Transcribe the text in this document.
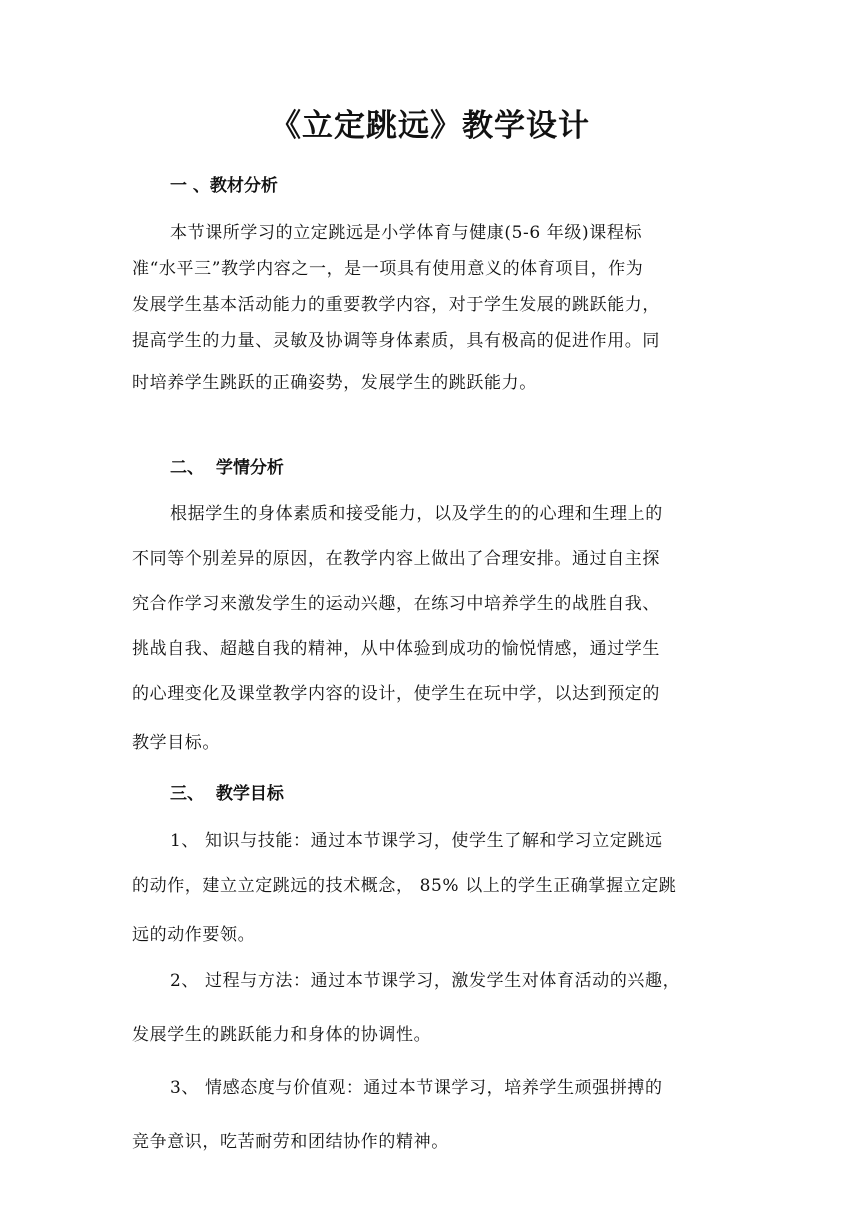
《立定跳远》教学设计
一 、教材分析
本节课所学习的立定跳远是小学体育与健康(5-6 年级)课程标
准“水平三”教学内容之一，是一项具有使用意义的体育项目，作为
发展学生基本活动能力的重要教学内容，对于学生发展的跳跃能力，
提高学生的力量、灵敏及协调等身体素质，具有极高的促进作用。同
时培养学生跳跃的正确姿势，发展学生的跳跃能力。
二、  学情分析
根据学生的身体素质和接受能力，以及学生的的心理和生理上的
不同等个别差异的原因，在教学内容上做出了合理安排。通过自主探
究合作学习来激发学生的运动兴趣，在练习中培养学生的战胜自我、
挑战自我、超越自我的精神，从中体验到成功的愉悦情感，通过学生
的心理变化及课堂教学内容的设计，使学生在玩中学，以达到预定的
教学目标。
三、  教学目标
1、 知识与技能：通过本节课学习，使学生了解和学习立定跳远
的动作，建立立定跳远的技术概念， 85% 以上的学生正确掌握立定跳
远的动作要领。
2、 过程与方法：通过本节课学习，激发学生对体育活动的兴趣，
发展学生的跳跃能力和身体的协调性。
3、 情感态度与价值观：通过本节课学习，培养学生顽强拼搏的
竞争意识，吃苦耐劳和团结协作的精神。
